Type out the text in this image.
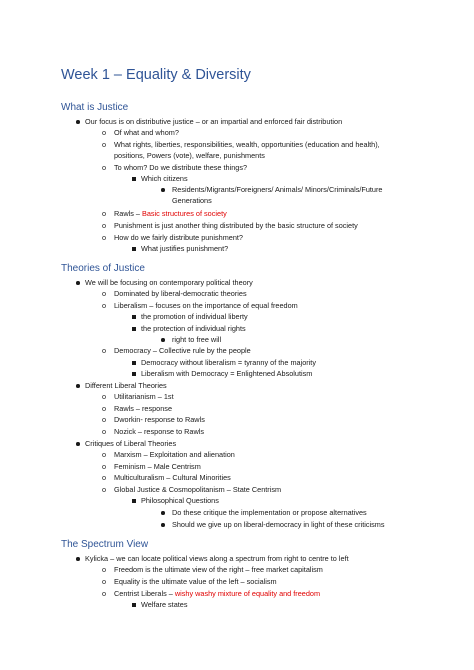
Week 1 – Equality & Diversity
What is Justice
Our focus is on distributive justice – or an impartial and enforced fair distribution
o Of what and whom?
o What rights, liberties, responsibilities, wealth, opportunities (education and health),
positions, Powers (vote), welfare, punishments
o To whom? Do we distribute these things?
Which citizens
Residents/Migrants/Foreigners/ Animals/ Minors/Criminals/Future
Generations
o Rawls – Basic structures of society
o Punishment is just another thing distributed by the basic structure of society
o How do we fairly distribute punishment?
What justifies punishment?
Theories of Justice
We will be focusing on contemporary political theory
o Dominated by liberal-democratic theories
o Liberalism – focuses on the importance of equal freedom
the promotion of individual liberty
the protection of individual rights
right to free will
o Democracy – Collective rule by the people
Democracy without liberalism = tyranny of the majority
Liberalism with Democracy = Enlightened Absolutism
Different Liberal Theories
o Utilitarianism – 1st
o Rawls – response
o Dworkin- response to Rawls
o Nozick – response to Rawls
Critiques of Liberal Theories
o Marxism – Exploitation and alienation
o Feminism – Male Centrism
o Multiculturalism – Cultural Minorities
o Global Justice & Cosmopolitanism – State Centrism
Philosophical Questions
Do these critique the implementation or propose alternatives
Should we give up on liberal-democracy in light of these criticisms
The Spectrum View
Kylicka – we can locate political views along a spectrum from right to centre to left
o Freedom is the ultimate view of the right – free market capitalism
o Equality is the ultimate value of the left – socialism
o Centrist Liberals – wishy washy mixture of equality and freedom
Welfare states
